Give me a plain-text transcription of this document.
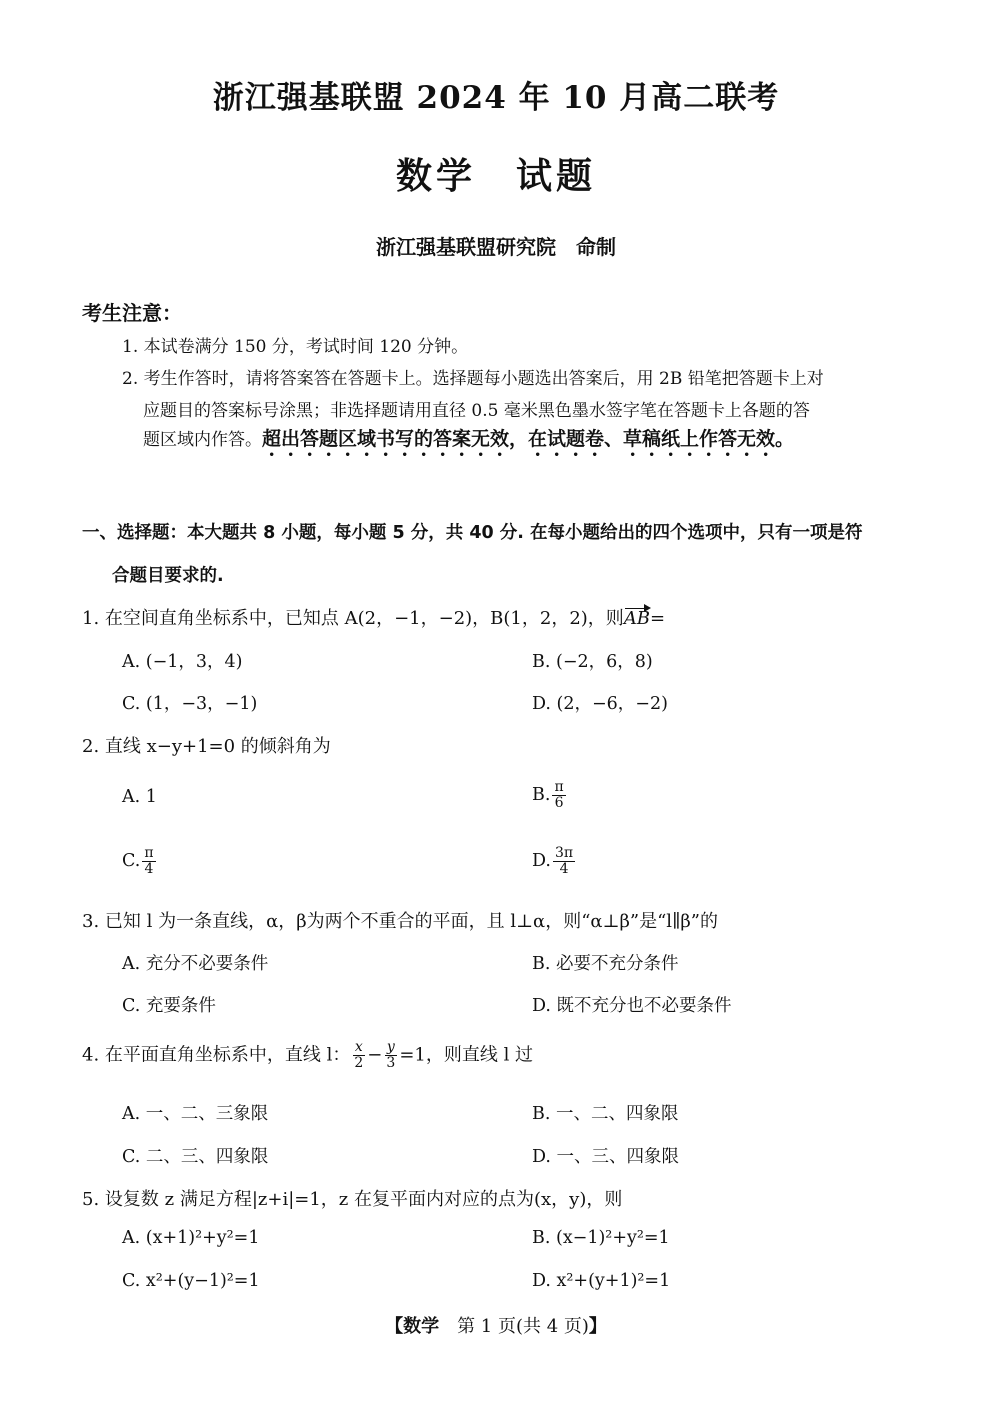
浙江强基联盟 2024 年 10 月高二联考
数学　试题
浙江强基联盟研究院　命制
考生注意：
1. 本试卷满分 150 分，考试时间 120 分钟。
2. 考生作答时，请将答案答在答题卡上。选择题每小题选出答案后，用 2B 铅笔把答题卡上对
应题目的答案标号涂黑；非选择题请用直径 0.5 毫米黑色墨水签字笔在答题卡上各题的答
题区域内作答。超出答题区域书写的答案无效，在试题卷、草稿纸上作答无效。
一、选择题：本大题共 8 小题，每小题 5 分，共 40 分. 在每小题给出的四个选项中，只有一项是符
合题目要求的.
1. 在空间直角坐标系中，已知点 A(2，−1，−2)，B(1，2，2)，则AB=
A. (−1，3，4)	B. (−2，6，8)
C. (1，−3，−1)	D. (2，−6，−2)
2. 直线 x−y+1=0 的倾斜角为
A. 1	B. $\frac{\pi}{6}$
C. $\frac{\pi}{4}$	D. $\frac{3\pi}{4}$
3. 已知 l 为一条直线，α，β为两个不重合的平面，且 l⊥α，则“α⊥β”是“l∥β”的
A. 充分不必要条件	B. 必要不充分条件
C. 充要条件	D. 既不充分也不必要条件
4. 在平面直角坐标系中，直线 l： $\frac{x}{2} - \frac{y}{3} =1$，则直线 l 过
A. 一、二、三象限	B. 一、二、四象限
C. 二、三、四象限	D. 一、三、四象限
5. 设复数 z 满足方程|z+i|=1，z 在复平面内对应的点为(x，y)，则
A. (x+1)²+y²=1	B. (x−1)²+y²=1
C. x²+(y−1)²=1	D. x²+(y+1)²=1
【数学　第 1 页(共 4 页)】
